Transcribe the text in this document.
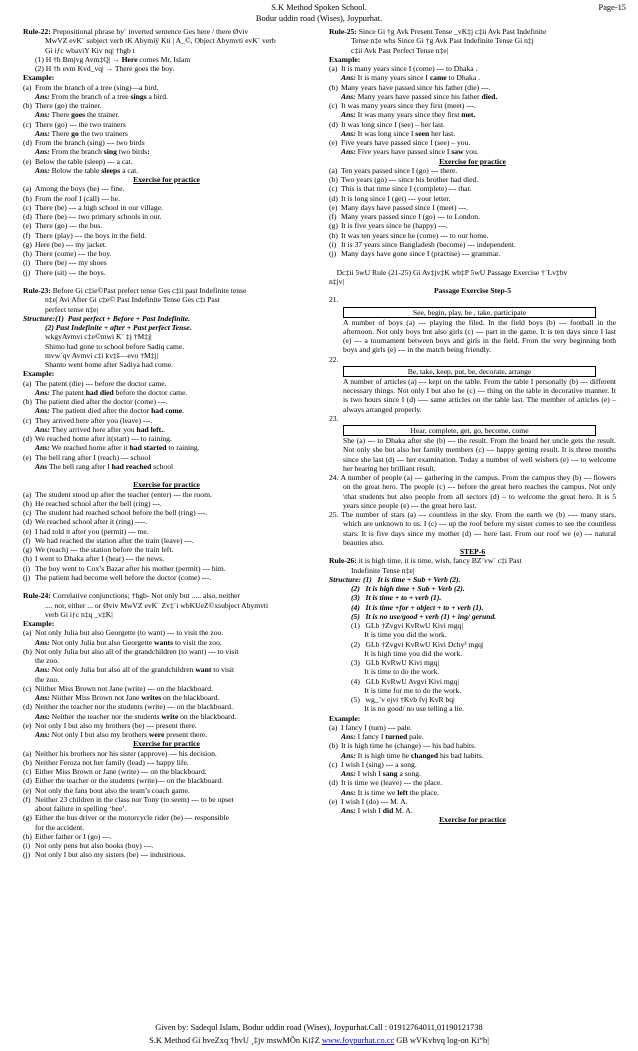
S.K Method Spoken School.	Page-15
Bodur uddin road (Wises), Joypurhat.
Rule-22: Prepositional phrase hy¨ inverted sentence Ges here / there Øviv
MwVZ evK¨ subject verb tK Abymiÿ Kti | A_©, Object Abymvti evK¨ verb
Gi iƒc wbaviY Kiv nq| †hgb t
(1) H †h Bmjvg Avm‡Q| → Here comes Mr. Islam
(2) H †h evm Kvd_vq| → There goes the boy.
Example:
(a) From the branch of a tree (sing)—a bird.
Ans: From the branch of a tree sings a bird.
(b) There (go) the trainer.
Ans: There goes the trainer.
(c) There (go) --- the two trainers
Ans: There go the two trainers
(d) From the branch (sing) --- two birds
Ans: From the branch sing two birds:
(e) Below the table (sleep) --- a cat.
Ans: Below the table sleeps a cat.
Exercise for practice
(a) Among the boys (be) --- fine.
(b) From the roof I (call) --- he.
(c) There (be) --- a high school in our village.
(d) There (be) --- two primary schools in our.
(e) There (go) --- the bus.
(f) There (play) --- the boys in the field.
(g) Here (be) --- my jacket.
(h) There (come) --- the boy.
(i) There (be) --- my shoes
(j) There (sit) --- the boys.

Rule-23: Before Gi c‡ie©Past prefect tense Ges c‡ii past Indefinite tense
n‡e| Avi After Gi c‡e© Past Indefinite Tense Ges c‡i Past
perfect tense n‡e|
Structure:(1)  Past perfect + Before + Past Indefinite.
(2) Past Indefinite + after + Past perfect Tense.
wkgyAvmvi c‡e©mwi K¨ ‡j †M‡j|
Shimo had gone to school before Sadiq came.
mvw`qv Avmvi c‡i kv‡š—evo †M‡j|
Shanto went home after Sadiya had come.
Example:
(a) The patent (die) --- before the doctor came.
Ans: The patent had died before the doctor came.
(b) The patient died after the doctor (come) ---.
Ans: The patient died after the doctor had come.
(c) They arrived here after you (leave) ---.
Ans: They arrived here after you had left..
(d) We reached home after it(start) --- to raining.
Ans: We reached home after it had started to raining.
(e) The bell rang after I (reach) --- school
Ans The bell rang after I had reached school

Exercise for practice
(a) The student stood up after the teacher (enter) --- the room.
(b) He reached school after the bell (ring) ---.
(c) The student had reached school before the bell (ring) ---.
(d) We reached school after it (ring) ----.
(e) I had told it after you (permit) --- me.
(f) We had reached the station after the train (leave) ---.
(g) We (reach) --- the station before the train left.
(h) I went to Dhaka after I (hear) --- the news.
(i) The boy went to Cox’s Bazar after his mother (permit) --- him.
(j) The patient had become well before the doctor (come) ---.

Rule-24: Correlative conjunctions; †hgb- Not only but ..... also, neither
.... nor, either ... or Øviv MwVZ evK¨ Zv‡`i wbKUeZ©xsubject Abymvti
verb Gi iƒc n‡q _v‡K|
Example:
(a) Not only Julia but also Georgette (to want) --- to visit the zoo.
Ans: Not only Julia but also Georgette wants to visit the zoo.
(b) Not only Julia but also all of the grandchildren (to want) --- to visit
the zoo.
Ans: Not only Julia but also all of the grandchildren want to visit
the zoo.
(c) Niither Miss Brown not Jane (write) --- on the blackboard.
Ans: Niither Miss Brown not Jane writes on the blackboard.
(d) Neither the teacher nor the students (write) --- on the blackboard.
Ans: Neither the teacher nor the students write on the blackboard.
(e) Not only I but also my brothers (be) --- present there.
Ans: Not only I but also my brothers were present there.
Exercise for practice
(a) Neither his brothers nor his sister (approve) --- his decision.
(b) Neither Feroza not her family (lead) --- happy life.
(c) Either Miss Brown or Jane (write) --- on the blackboard.
(d) Either the teacher or the students (write)--- on the blackboard.
(e) Not only the fans bout also the team’s coach game.
(f) Neither 23 children in the class nor Tony (to seem) --- to be upset
about failure in spelling ‘bee’.
(g) Either the bus driver or the motorcycle rider (be) --- responsible
for the accident.
(h) Either father or I (go) ---.
(i) Not only pens but also books (buy) ---.
(j) Not only I but also my sisters (be) --- industrious.
Rule-25: Since Gi †g Avk Present Tense _vK‡j c‡ii Avk Past Indefinite
Tense n‡e whs Since Gi †g Avk Past Indefinite Tense Gi n‡j
c‡ii Avk Past Perfect Tense n‡e|
Example:
(a) It is many years since I (come) --- to Dhaka .
Ans: It is many years since I came to Dhaka .
(b) Many years have passed since his father (die) ---.
Ans: Many years have passed since his father died.
(c) It was many years since they first (meet) ---.
Ans: It was many years since they first met.
(d) It was long since I (see) – her last.
Ans: It was long since I seen her last.
(e) Five years have passed since I (see) – you.
Ans: Five years have passed since I saw you.
Exercise for practice
(a) Ten years passed since I (go) --- there.
(b) Two years (go) --- since his brother had died.
(c) This is that time since I (complete) --- that.
(d) It is long since I (get) --- your letter.
(e) Many days have passed since I (meet) ---.
(f) Many years passed since I (go) --- to London.
(g) It is five years since he (happy) ---.
(h) It was ten years since he (come) --- to our home.
(i) It is 37 years since Bangladesh (become) --- independent.
(j) Many days have gone since I (practise) --- grammar.

Dc‡ii 5wU Rule (21-25) Gi Av‡jv‡K wb‡P 5wU Passage Exercise †`Lv‡bv
n‡jv|
Passage Exercise Step-5
21.
See, begin, play, be , take, participate
A number of boys (a) --- playing the filed. In the field boys (b) --- football in the afternoon. Not only boys but also girls (c) --- part in the game. It is ten days since I last (e) --- a tournament between boys and girls in the field. From the very beginning both boys and girls (e) --- in the match being friendly.
22.
Be, take, keep, put, be, decorate, arrange
A number of articles (a) --- kept on the table. From the table I personally (b) --- different necessary things. Not only I but also he (c) --- thing on the table in decorative manner. It is two hours since I (d) ---- same articles on the table last. The member of articles (e) – always arranged properly.
23.
Hear, complete, get, go, become, come
She (a) --- to Dhaka after she (b) --- the result. From the board her uncle gets the result. Not only she but also her family members (c) --- happy getting result. It is three months since she last (d) --- her examination. Today a number of well wishers (e) --- to welcome her hearing her brilliant result.
24. A number of people (a) --- gathering in the campus. From the campus they (b) --- flowers on the great hero. The people (c) --- before the great hero reaches the campus. Not only \that students but also people from all sectors (d) – to welcome the great hero. It is 5 years since people (e) --- the great hero last.
25. The number of stars (a) --- countless in the sky. From the earth we (b) ---- many stars, which are unknown to us. I (c) --- up the roof before my sister comes to see the countless stars. It is five days since my mother (d) --- here last. From our roof we (e) --- natural beauties also.
STEP-6
Rule-26: it is high time, it is time, wish, fancy BZ¨vw` c‡i Past
Indefinite Tense n‡e|
Structure: (1)   It is time + Sub + Verb (2).
(2)   It is high time + Sub + Verb (2).
(3)   It is time + to + verb (1).
(4)   It is time +for + object + to + verb (1).
(5)   It is no use/good + verb (1) + ing/ gerund.
(1)   GLb †Zvgvi KvRwU Kivi mgq|
It is time you did the work.
(2)   GLb †Zvgvi KvRwU Kivi Dchy³ mgq|
It is high time you did the work.
(3)   GLb KvRwU Kivi mgq|
It is time to do the work.
(4)   GLb KvRwU Avgvi Kivi mgq|
It is time for me to do the work.
(5)   wg_¨v ejvi †Kvb fvj KvR bq|
It is no good/ no use telling a lie.
Example:
(a) I fancy I (turn) --- pale.
Ans: I fancy I turned pale.
(b) It is high time he (change) --- his bad habits.
Ans: It is high time he changed his bad habits.
(c) I wish I (sing) --- a song.
Ans: I wish I sang a song.
(d) It is time we (leave) --- the place.
Ans: It is time we left the place.
(e) I wish I (do) --- M. A.
Ans: I wish I did M. A.
Exercise for practice
Given by: Sadequl Islam, Bodur uddin road (Wises), Joypurhat.Call : 01912764011,01190121738
S.K Method Gi hveZxq †bvU ¸‡jv mswMÖn Ki‡Z www.Joypurhat.co.cc GB wVKvbvq log-on Ki“b|
